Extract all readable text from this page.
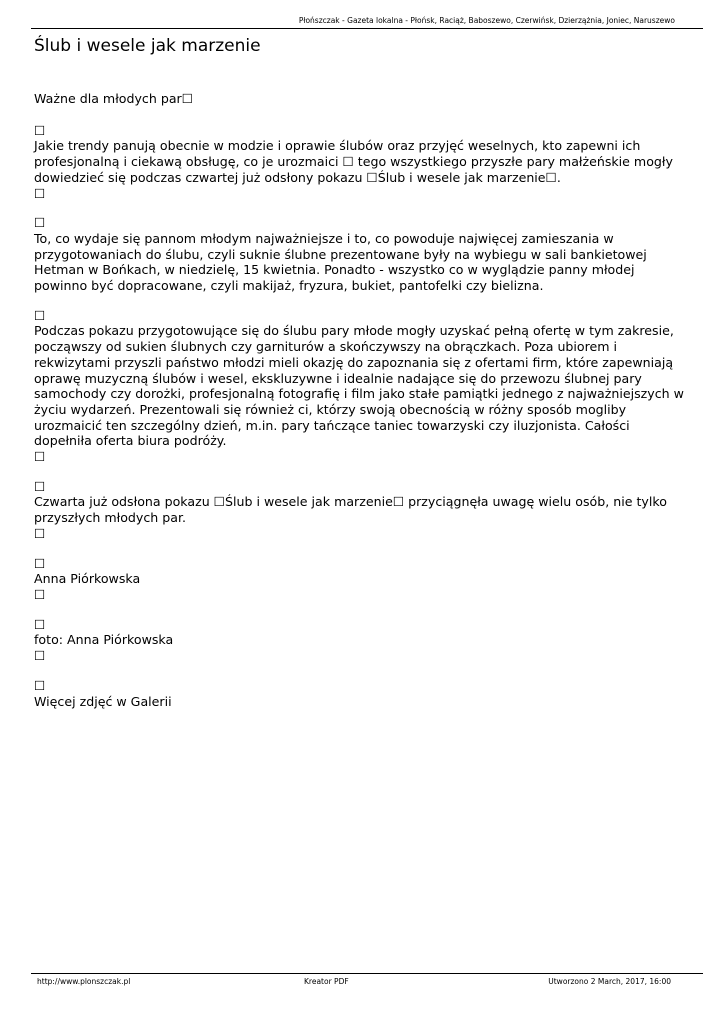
Płońszczak - Gazeta lokalna - Płońsk, Raciąż, Baboszewo, Czerwińsk, Dzierzążnia, Joniec, Naruszewo
Ślub i wesele jak marzenie

Ważne dla młodych par☐

☐

Jakie trendy panują obecnie w modzie i oprawie ślubów oraz przyjęć weselnych, kto zapewni ich profesjonalną i ciekawą obsługę, co je urozmaici ☐ tego wszystkiego przyszłe pary małżeńskie mogły dowiedzieć się podczas czwartej już odsłony pokazu ☐Ślub i wesele jak marzenie☐.

☐

☐

To, co wydaje się pannom młodym najważniejsze i to, co powoduje najwięcej zamieszania w przygotowaniach do ślubu, czyli suknie ślubne prezentowane były na wybiegu w sali bankietowej Hetman w Bońkach, w niedzielę, 15 kwietnia. Ponadto - wszystko co w wyglądzie panny młodej powinno być dopracowane, czyli makijaż, fryzura, bukiet, pantofelki czy bielizna.

☐

Podczas pokazu przygotowujące się do ślubu pary młode mogły uzyskać pełną ofertę w tym zakresie, począwszy od sukien ślubnych czy garniturów a skończywszy na obrączkach. Poza ubiorem i rekwizytami przyszli państwo młodzi mieli okazję do zapoznania się z ofertami firm, które zapewniają oprawę muzyczną ślubów i wesel, ekskluzywne i idealnie nadające się do przewozu ślubnej pary samochody czy dorożki, profesjonalną fotografię i film jako stałe pamiątki jednego z najważniejszych w życiu wydarzeń. Prezentowali się również ci, którzy swoją obecnością w różny sposób mogliby urozmaicić ten szczególny dzień, m.in. pary tańczące taniec towarzyski czy iluzjonista. Całości dopełniła oferta biura podróży.

☐

☐

Czwarta już odsłona pokazu ☐Ślub i wesele jak marzenie☐ przyciągnęła uwagę wielu osób, nie tylko przyszłych młodych par.

☐

☐

Anna Piórkowska

☐

☐

foto: Anna Piórkowska

☐

☐

Więcej zdjęć w Galerii

http://www.plonszczak.pl	Kreator PDF	Utworzono 2 March, 2017, 16:00
